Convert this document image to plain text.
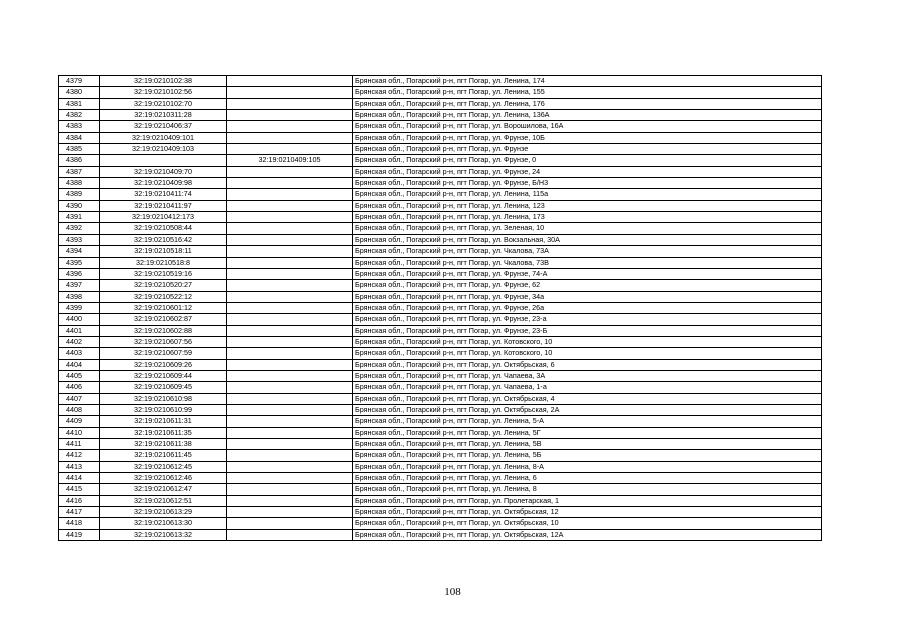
4379	32:19:0210102:38		Брянская обл., Погарский р-н, пгт Погар, ул. Ленина, 174
4380	32:19:0210102:56		Брянская обл., Погарский р-н, пгт Погар, ул. Ленина, 155
4381	32:19:0210102:70		Брянская обл., Погарский р-н, пгт Погар, ул. Ленина, 176
4382	32:19:0210311:28		Брянская обл., Погарский р-н, пгт Погар, ул. Ленина, 136А
4383	32:19:0210406:37		Брянская обл., Погарский р-н, пгт Погар, ул. Ворошилова, 16А
4384	32:19:0210409:101		Брянская обл., Погарский р-н, пгт Погар, ул. Фрунзе, 10Б
4385	32:19:0210409:103		Брянская обл., Погарский р-н, пгт Погар, ул. Фрунзе
4386		32:19:0210409:105	Брянская обл., Погарский р-н, пгт Погар, ул. Фрунзе, 0
4387	32:19:0210409:70		Брянская обл., Погарский р-н, пгт Погар, ул. Фрунзе, 24
4388	32:19:0210409:98		Брянская обл., Погарский р-н, пгт Погар, ул. Фрунзе, Б/Н3
4389	32:19:0210411:74		Брянская обл., Погарский р-н, пгт Погар, ул. Ленина, 115а
4390	32:19:0210411:97		Брянская обл., Погарский р-н, пгт Погар, ул. Ленина, 123
4391	32:19:0210412:173		Брянская обл., Погарский р-н, пгт Погар, ул. Ленина, 173
4392	32:19:0210508:44		Брянская обл., Погарский р-н, пгт Погар, ул. Зеленая, 10
4393	32:19:0210516:42		Брянская обл., Погарский р-н, пгт Погар, ул. Вокзальная, 30А
4394	32:19:0210518:11		Брянская обл., Погарский р-н, пгт Погар, ул. Чкалова, 73А
4395	32:19:0210518:8		Брянская обл., Погарский р-н, пгт Погар, ул. Чкалова, 73В
4396	32:19:0210519:16		Брянская обл., Погарский р-н, пгт Погар, ул. Фрунзе, 74-А
4397	32:19:0210520:27		Брянская обл., Погарский р-н, пгт Погар, ул. Фрунзе, 62
4398	32:19:0210522:12		Брянская обл., Погарский р-н, пгт Погар, ул. Фрунзе, 34а
4399	32:19:0210601:12		Брянская обл., Погарский р-н, пгт Погар, ул. Фрунзе, 26а
4400	32:19:0210602:87		Брянская обл., Погарский р-н, пгт Погар, ул. Фрунзе, 23-а
4401	32:19:0210602:88		Брянская обл., Погарский р-н, пгт Погар, ул. Фрунзе, 23-Б
4402	32:19:0210607:56		Брянская обл., Погарский р-н, пгт Погар, ул. Котовского, 10
4403	32:19:0210607:59		Брянская обл., Погарский р-н, пгт Погар, ул. Котовского, 10
4404	32:19:0210609:26		Брянская обл., Погарский р-н, пгт Погар, ул. Октябрьская, 6
4405	32:19:0210609:44		Брянская обл., Погарский р-н, пгт Погар, ул. Чапаева, 3А
4406	32:19:0210609:45		Брянская обл., Погарский р-н, пгт Погар, ул. Чапаева, 1-а
4407	32:19:0210610:98		Брянская обл., Погарский р-н, пгт Погар, ул. Октябрьская, 4
4408	32:19:0210610:99		Брянская обл., Погарский р-н, пгт Погар, ул. Октябрьская, 2А
4409	32:19:0210611:31		Брянская обл., Погарский р-н, пгт Погар, ул. Ленина, 5-А
4410	32:19:0210611:35		Брянская обл., Погарский р-н, пгт Погар, ул. Ленина, 5Г
4411	32:19:0210611:38		Брянская обл., Погарский р-н, пгт Погар, ул. Ленина, 5В
4412	32:19:0210611:45		Брянская обл., Погарский р-н, пгт Погар, ул. Ленина, 5Б
4413	32:19:0210612:45		Брянская обл., Погарский р-н, пгт Погар, ул. Ленина, 8-А
4414	32:19:0210612:46		Брянская обл., Погарский р-н, пгт Погар, ул. Ленина, 6
4415	32:19:0210612:47		Брянская обл., Погарский р-н, пгт Погар, ул. Ленина, 8
4416	32:19:0210612:51		Брянская обл., Погарский р-н, пгт Погар, ул. Пролетарская, 1
4417	32:19:0210613:29		Брянская обл., Погарский р-н, пгт Погар, ул. Октябрьская, 12
4418	32:19:0210613:30		Брянская обл., Погарский р-н, пгт Погар, ул. Октябрьская, 10
4419	32:19:0210613:32		Брянская обл., Погарский р-н, пгт Погар, ул. Октябрьская, 12А
108
